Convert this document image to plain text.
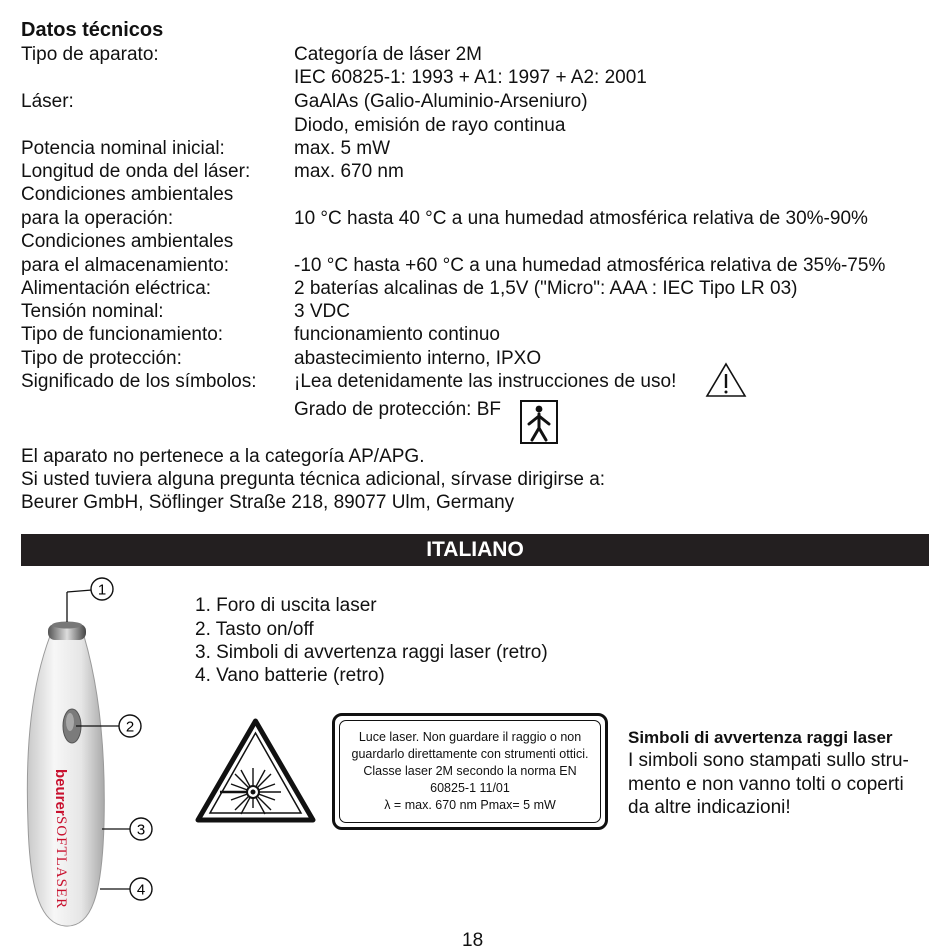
Datos técnicos
Tipo de aparato:	Categoría de láser 2M
IEC 60825-1: 1993 + A1: 1997 + A2: 2001
Láser:	GaAlAs (Galio-Aluminio-Arseniuro)
Diodo, emisión de rayo continua
Potencia nominal inicial:	max. 5 mW
Longitud de onda del láser: max. 670 nm
Condiciones ambientales
para la operación:	10 °C hasta 40 °C a una humedad atmosférica relativa de 30%-90%
Condiciones ambientales
para el almacenamiento:	-10 °C hasta +60 °C a una humedad atmosférica relativa de 35%-75%
Alimentación eléctrica:	2 baterías alcalinas de 1,5V ("Micro": AAA : IEC Tipo LR 03)
Tensión nominal:	3 VDC
Tipo de funcionamiento:	funcionamiento continuo
Tipo de protección:	abastecimiento interno, IPXO
Significado de los símbolos: ¡Lea detenidamente las instrucciones de uso!
Grado de protección: BF
El aparato no pertenece a la categoría AP/APG.
Si usted tuviera alguna pregunta técnica adicional, sírvase dirigirse a:
Beurer GmbH, Söflinger Straße 218, 89077 Ulm, Germany
ITALIANO
beurer
SOFTLASER
1
2
3
4
1. Foro di uscita laser
2. Tasto on/off
3. Simboli di avvertenza raggi laser (retro)
4. Vano batterie (retro)
Luce laser. Non guardare il raggio o non
guardarlo direttamente con strumenti ottici.
Classe laser 2M secondo la norma EN
60825-1 11/01
λ = max. 670 nm Pmax= 5 mW
Simboli di avvertenza raggi laser
I simboli sono stampati sullo stru-
mento e non vanno tolti o coperti
da altre indicazioni!
18
